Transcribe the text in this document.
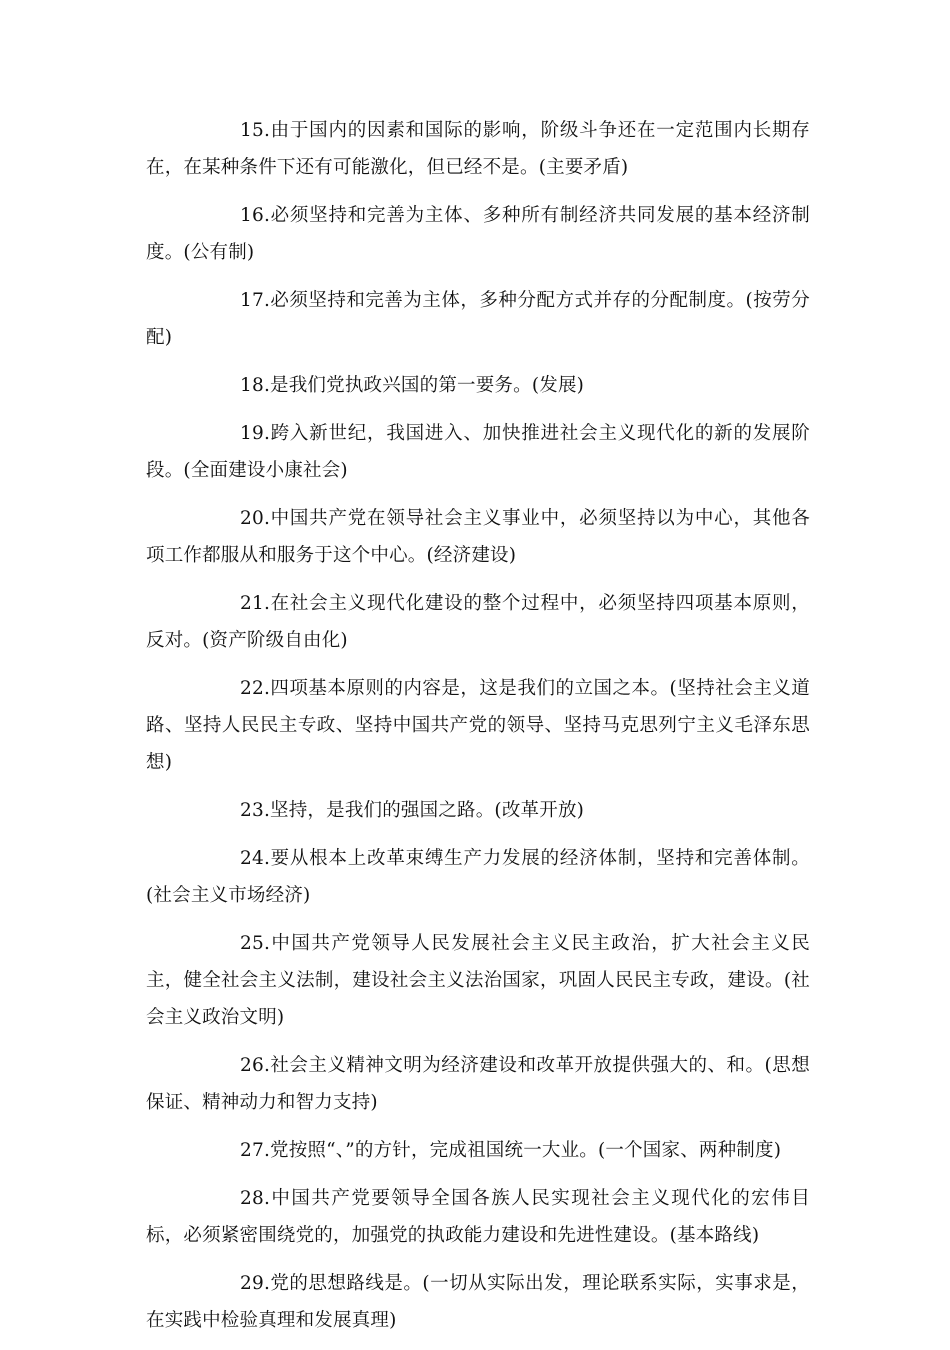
15.由于国内的因素和国际的影响，阶级斗争还在一定范围内长期存在，在某种条件下还有可能激化，但已经不是。(主要矛盾)

16.必须坚持和完善为主体、多种所有制经济共同发展的基本经济制度。(公有制)

17.必须坚持和完善为主体，多种分配方式并存的分配制度。(按劳分配)

18.是我们党执政兴国的第一要务。(发展)

19.跨入新世纪，我国进入、加快推进社会主义现代化的新的发展阶段。(全面建设小康社会)

20.中国共产党在领导社会主义事业中，必须坚持以为中心，其他各项工作都服从和服务于这个中心。(经济建设)

21.在社会主义现代化建设的整个过程中，必须坚持四项基本原则，反对。(资产阶级自由化)

22.四项基本原则的内容是，这是我们的立国之本。(坚持社会主义道路、坚持人民民主专政、坚持中国共产党的领导、坚持马克思列宁主义毛泽东思想)

23.坚持，是我们的强国之路。(改革开放)

24.要从根本上改革束缚生产力发展的经济体制，坚持和完善体制。(社会主义市场经济)

25.中国共产党领导人民发展社会主义民主政治，扩大社会主义民主，健全社会主义法制，建设社会主义法治国家，巩固人民民主专政，建设。(社会主义政治文明)

26.社会主义精神文明为经济建设和改革开放提供强大的、和。(思想保证、精神动力和智力支持)

27.党按照“、”的方针，完成祖国统一大业。(一个国家、两种制度)

28.中国共产党要领导全国各族人民实现社会主义现代化的宏伟目标，必须紧密围绕党的，加强党的执政能力建设和先进性建设。(基本路线)

29.党的思想路线是。(一切从实际出发，理论联系实际，实事求是，在实践中检验真理和发展真理)
